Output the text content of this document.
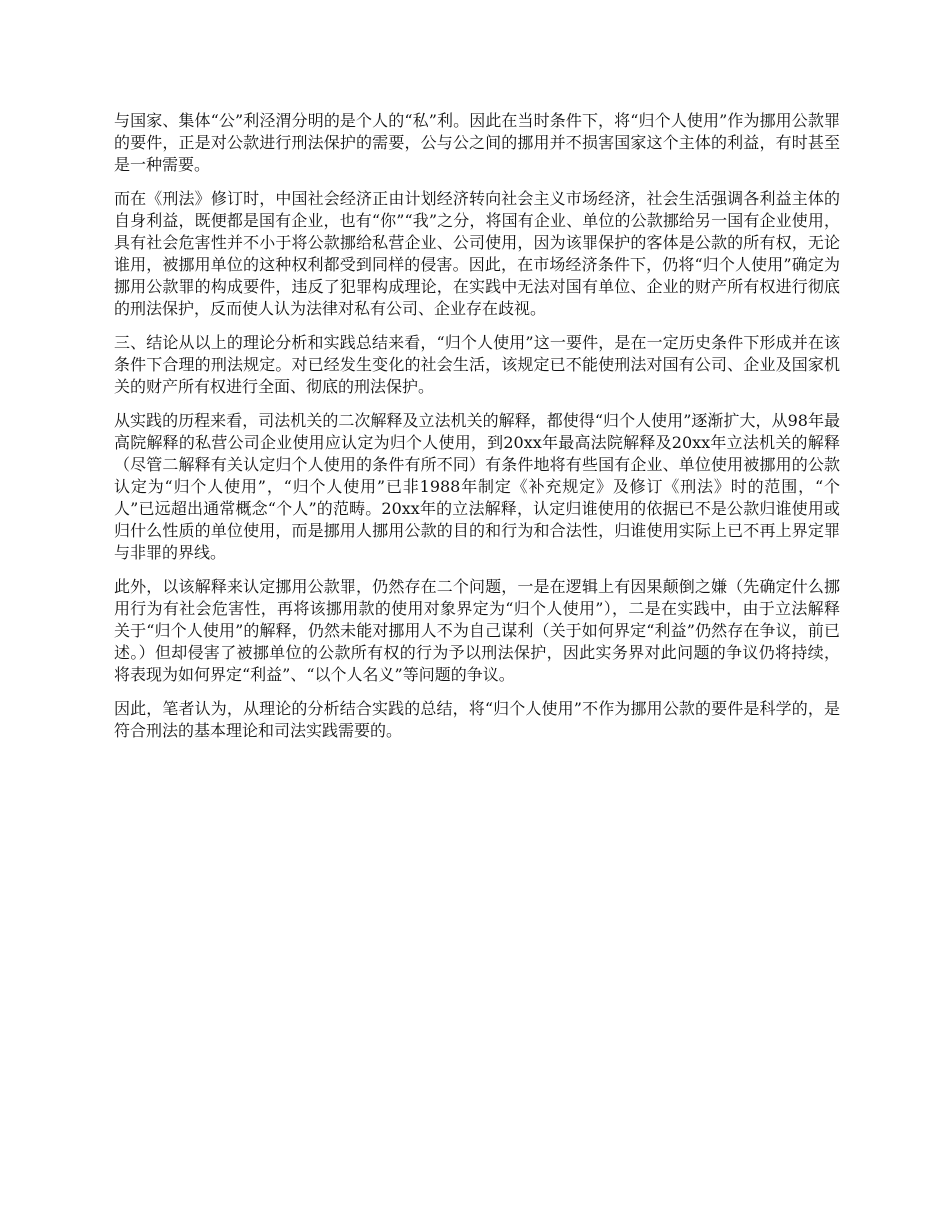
与国家、集体“公”利泾渭分明的是个人的“私”利。因此在当时条件下，将“归个人使用”作为挪用公款罪的要件，正是对公款进行刑法保护的需要，公与公之间的挪用并不损害国家这个主体的利益，有时甚至是一种需要。

而在《刑法》修订时，中国社会经济正由计划经济转向社会主义市场经济，社会生活强调各利益主体的自身利益，既便都是国有企业，也有“你”“我”之分，将国有企业、单位的公款挪给另一国有企业使用，具有社会危害性并不小于将公款挪给私营企业、公司使用，因为该罪保护的客体是公款的所有权，无论谁用，被挪用单位的这种权利都受到同样的侵害。因此，在市场经济条件下，仍将“归个人使用”确定为挪用公款罪的构成要件，违反了犯罪构成理论，在实践中无法对国有单位、企业的财产所有权进行彻底的刑法保护，反而使人认为法律对私有公司、企业存在歧视。

三、结论从以上的理论分析和实践总结来看，“归个人使用”这一要件，是在一定历史条件下形成并在该条件下合理的刑法规定。对已经发生变化的社会生活，该规定已不能使刑法对国有公司、企业及国家机关的财产所有权进行全面、彻底的刑法保护。

从实践的历程来看，司法机关的二次解释及立法机关的解释，都使得“归个人使用”逐渐扩大，从98年最高院解释的私营公司企业使用应认定为归个人使用，到20xx年最高法院解释及20xx年立法机关的解释（尽管二解释有关认定归个人使用的条件有所不同）有条件地将有些国有企业、单位使用被挪用的公款认定为“归个人使用”，“归个人使用”已非1988年制定《补充规定》及修订《刑法》时的范围，“个人”已远超出通常概念“个人”的范畴。20xx年的立法解释，认定归谁使用的依据已不是公款归谁使用或归什么性质的单位使用，而是挪用人挪用公款的目的和行为和合法性，归谁使用实际上已不再上界定罪与非罪的界线。

此外，以该解释来认定挪用公款罪，仍然存在二个问题，一是在逻辑上有因果颠倒之嫌（先确定什么挪用行为有社会危害性，再将该挪用款的使用对象界定为“归个人使用”），二是在实践中，由于立法解释关于“归个人使用”的解释，仍然未能对挪用人不为自己谋利（关于如何界定“利益”仍然存在争议，前已述。）但却侵害了被挪单位的公款所有权的行为予以刑法保护，因此实务界对此问题的争议仍将持续，将表现为如何界定“利益”、“以个人名义”等问题的争议。

因此，笔者认为，从理论的分析结合实践的总结，将“归个人使用”不作为挪用公款的要件是科学的，是符合刑法的基本理论和司法实践需要的。
